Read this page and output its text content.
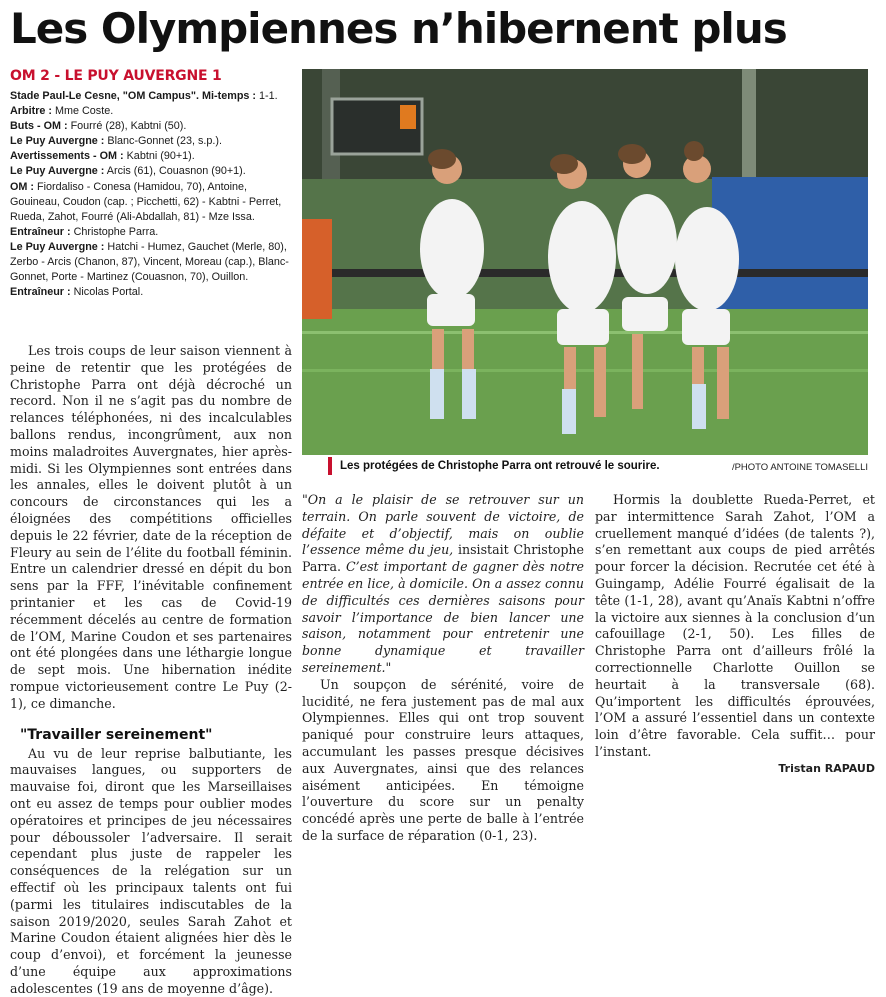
Les Olympiennes n’hibernent plus
OM 2 - LE PUY AUVERGNE 1

Stade Paul-Le Cesne, "OM Campus". Mi-temps : 1-1.

Arbitre : Mme Coste.

Buts - OM : Fourré (28), Kabtni (50).

Le Puy Auvergne : Blanc-Gonnet (23, s.p.).

Avertissements - OM : Kabtni (90+1).

Le Puy Auvergne : Arcis (61), Couasnon (90+1).

OM : Fiordaliso - Conesa (Hamidou, 70), Antoine, Gouineau, Coudon (cap. ; Picchetti, 62) - Kabtni - Perret, Rueda, Zahot, Fourré (Ali-Abdallah, 81) - Mze Issa.

Entraîneur : Christophe Parra.

Le Puy Auvergne : Hatchi - Humez, Gauchet (Merle, 80), Zerbo - Arcis (Chanon, 87), Vincent, Moreau (cap.), Blanc-Gonnet, Porte - Martinez (Couasnon, 70), Ouillon.

Entraîneur : Nicolas Portal.

Les protégées de Christophe Parra ont retrouvé le sourire.	/PHOTO ANTOINE TOMASELLI

Les trois coups de leur saison viennent à peine de retentir que les protégées de Christophe Parra ont déjà décroché un record. Non il ne s’agit pas du nombre de relances téléphonées, ni des incalculables ballons rendus, incongrûment, aux non moins maladroites Auvergnates, hier après-midi. Si les Olympiennes sont entrées dans les annales, elles le doivent plutôt à un concours de circonstances qui les a éloignées des compétitions officielles depuis le 22 février, date de la réception de Fleury au sein de l’élite du football féminin. Entre un calendrier dressé en dépit du bon sens par la FFF, l’inévitable confinement printanier et les cas de Covid-19 récemment décelés au centre de formation de l’OM, Marine Coudon et ses partenaires ont été plongées dans une léthargie longue de sept mois. Une hibernation inédite rompue victorieusement contre Le Puy (2-1), ce dimanche.

"Travailler sereinement"

Au vu de leur reprise balbutiante, les mauvaises langues, ou supporters de mauvaise foi, diront que les Marseillaises ont eu assez de temps pour oublier modes opératoires et principes de jeu nécessaires pour déboussoler l’adversaire. Il serait cependant plus juste de rappeler les conséquences de la relégation sur un effectif où les principaux talents ont fui (parmi les titulaires indiscutables de la saison 2019/2020, seules Sarah Zahot et Marine Coudon étaient alignées hier dès le coup d’envoi), et forcément la jeunesse d’une équipe aux approximations adolescentes (19 ans de moyenne d’âge).

"On a le plaisir de se retrouver sur un terrain. On parle souvent de victoire, de défaite et d’objectif, mais on oublie l’essence même du jeu, insistait Christophe Parra. C’est important de gagner dès notre entrée en lice, à domicile. On a assez connu de difficultés ces dernières saisons pour savoir l’importance de bien lancer une saison, notamment pour entretenir une bonne dynamique et travailler sereinement."

Un soupçon de sérénité, voire de lucidité, ne fera justement pas de mal aux Olympiennes. Elles qui ont trop souvent paniqué pour construire leurs attaques, accumulant les passes presque décisives aux Auvergnates, ainsi que des relances aisément anticipées. En témoigne l’ouverture du score sur un penalty concédé après une perte de balle à l’entrée de la surface de réparation (0-1, 23).

Hormis la doublette Rueda-Perret, et par intermittence Sarah Zahot, l’OM a cruellement manqué d’idées (de talents ?), s’en remettant aux coups de pied arrêtés pour forcer la décision. Recrutée cet été à Guingamp, Adélie Fourré égalisait de la tête (1-1, 28), avant qu’Anaïs Kabtni n’offre la victoire aux siennes à la conclusion d’un cafouillage (2-1, 50). Les filles de Christophe Parra ont d’ailleurs frôlé la correctionnelle Charlotte Ouillon se heurtait à la transversale (68). Qu’importent les difficultés éprouvées, l’OM a assuré l’essentiel dans un contexte loin d’être favorable. Cela suffit… pour l’instant.

Tristan RAPAUD
